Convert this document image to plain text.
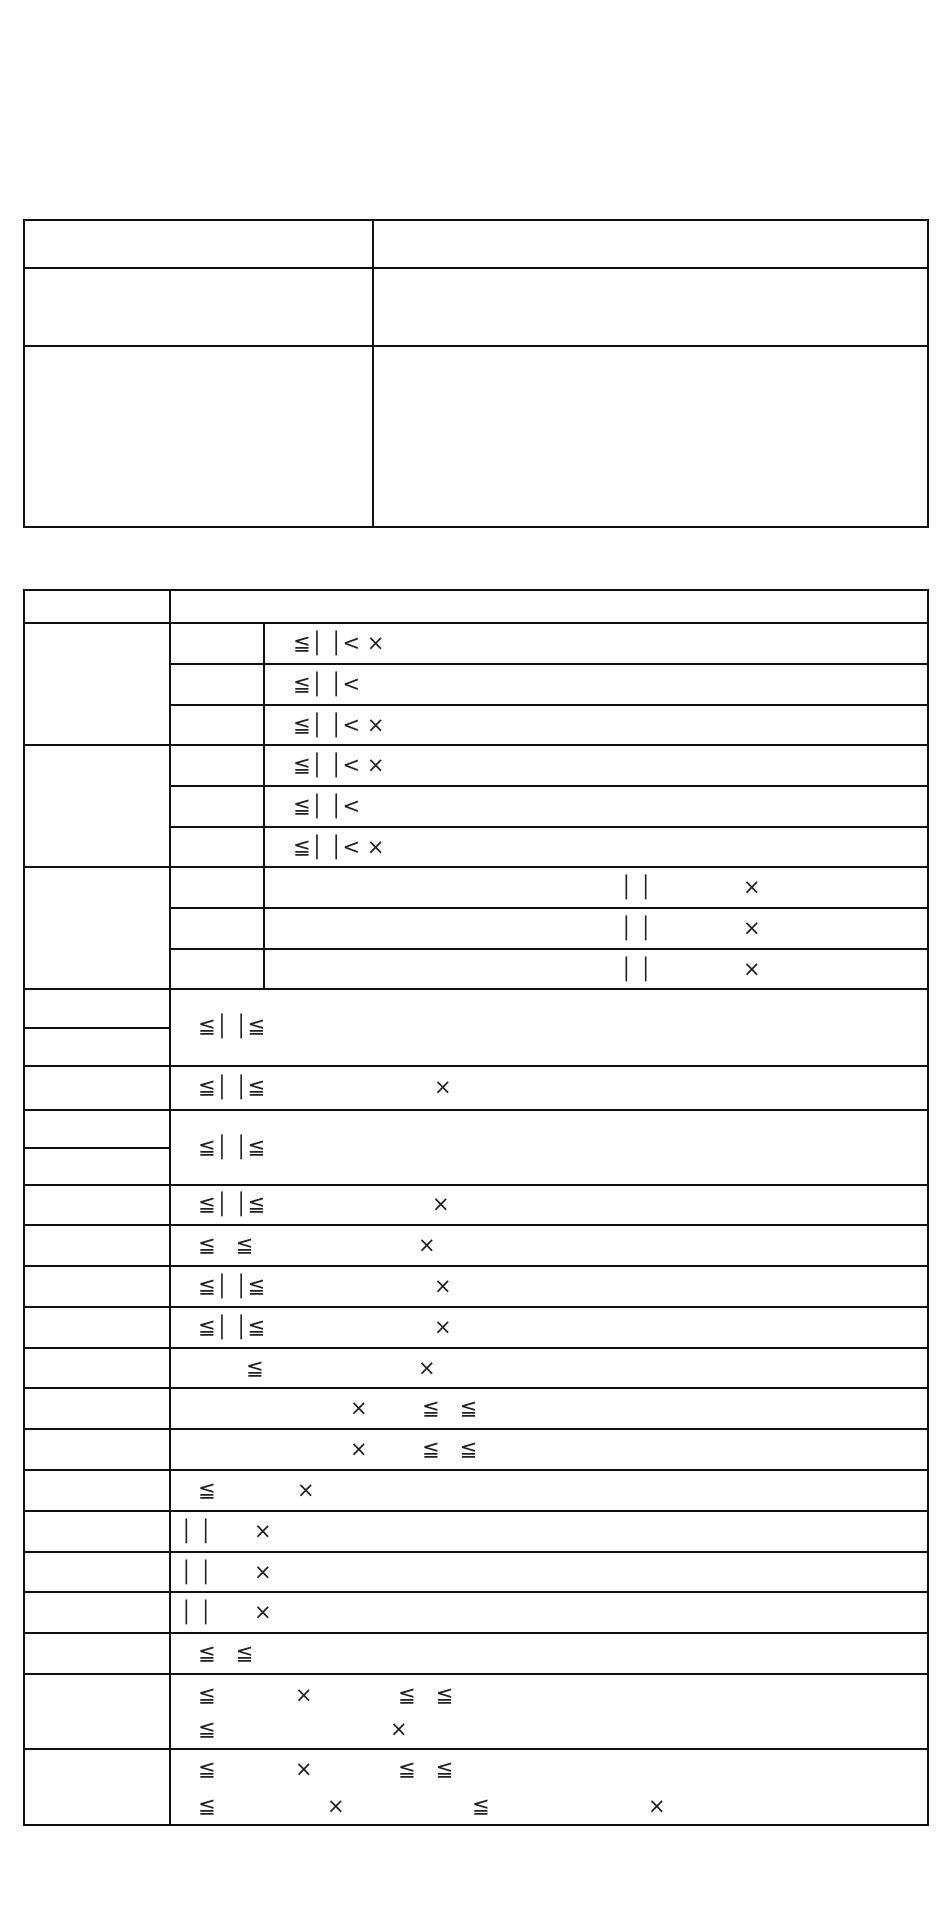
≦│ │< ×
≦│ │<
≦│ │< ×
≦│ │< ×
≦│ │<
≦│ │< ×
│ │	×
│ │	×
│ │	×
≦│ │≦
≦│ │≦	×
≦│ │≦
≦│ │≦	×
≦   ≦	×
≦│ │≦	×
≦│ │≦	×
≦	×
×	≦   ≦
×	≦   ≦
≦	×
│ │ ×
│ │ ×
│ │ ×
≦   ≦
≦	×	≦   ≦
≦	×
≦	×	≦   ≦
≦	×	≦	×
